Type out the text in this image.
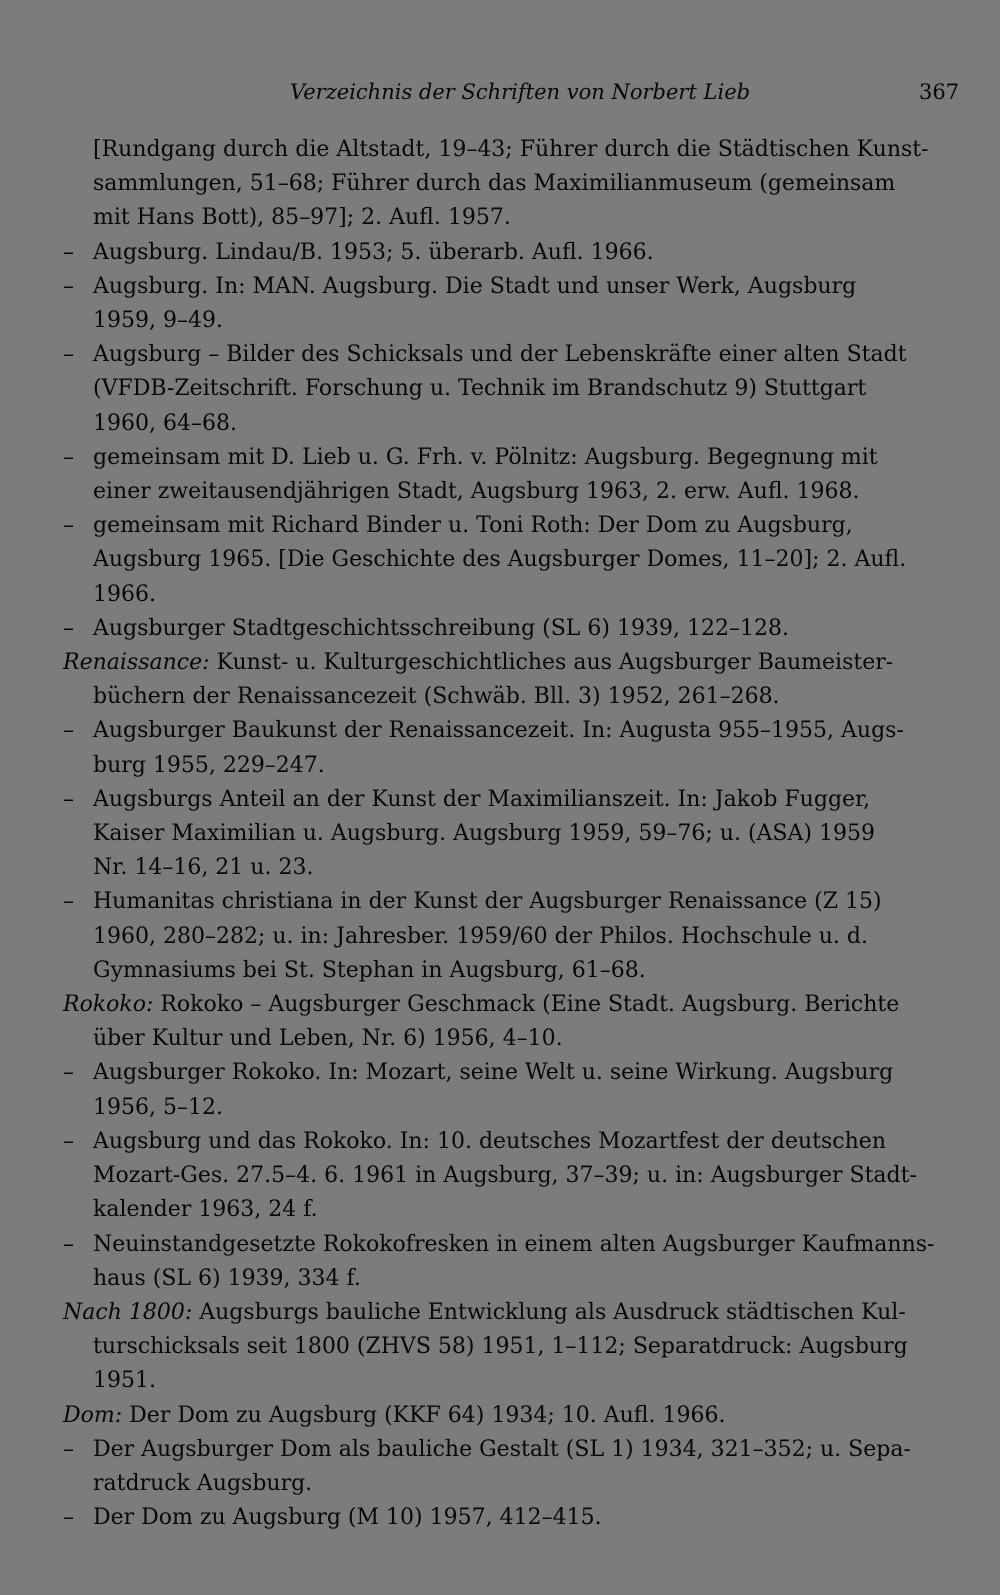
Verzeichnis der Schriften von Norbert Lieb	367
[Rundgang durch die Altstadt, 19–43; Führer durch die Städtischen Kunst-
sammlungen, 51–68; Führer durch das Maximilianmuseum (gemeinsam
mit Hans Bott), 85–97]; 2. Aufl. 1957.
– Augsburg. Lindau/B. 1953; 5. überarb. Aufl. 1966.
– Augsburg. In: MAN. Augsburg. Die Stadt und unser Werk, Augsburg
1959, 9–49.
– Augsburg – Bilder des Schicksals und der Lebenskräfte einer alten Stadt
(VFDB-Zeitschrift. Forschung u. Technik im Brandschutz 9) Stuttgart
1960, 64–68.
– gemeinsam mit D. Lieb u. G. Frh. v. Pölnitz: Augsburg. Begegnung mit
einer zweitausendjährigen Stadt, Augsburg 1963, 2. erw. Aufl. 1968.
– gemeinsam mit Richard Binder u. Toni Roth: Der Dom zu Augsburg,
Augsburg 1965. [Die Geschichte des Augsburger Domes, 11–20]; 2. Aufl.
1966.
– Augsburger Stadtgeschichtsschreibung (SL 6) 1939, 122–128.
Renaissance: Kunst- u. Kulturgeschichtliches aus Augsburger Baumeister-
büchern der Renaissancezeit (Schwäb. Bll. 3) 1952, 261–268.
– Augsburger Baukunst der Renaissancezeit. In: Augusta 955–1955, Augs-
burg 1955, 229–247.
– Augsburgs Anteil an der Kunst der Maximilianszeit. In: Jakob Fugger,
Kaiser Maximilian u. Augsburg. Augsburg 1959, 59–76; u. (ASA) 1959
Nr. 14–16, 21 u. 23.
– Humanitas christiana in der Kunst der Augsburger Renaissance (Z 15)
1960, 280–282; u. in: Jahresber. 1959/60 der Philos. Hochschule u. d.
Gymnasiums bei St. Stephan in Augsburg, 61–68.
Rokoko: Rokoko – Augsburger Geschmack (Eine Stadt. Augsburg. Berichte
über Kultur und Leben, Nr. 6) 1956, 4–10.
– Augsburger Rokoko. In: Mozart, seine Welt u. seine Wirkung. Augsburg
1956, 5–12.
– Augsburg und das Rokoko. In: 10. deutsches Mozartfest der deutschen
Mozart-Ges. 27.5–4. 6. 1961 in Augsburg, 37–39; u. in: Augsburger Stadt-
kalender 1963, 24 f.
– Neuinstandgesetzte Rokokofresken in einem alten Augsburger Kaufmanns-
haus (SL 6) 1939, 334 f.
Nach 1800: Augsburgs bauliche Entwicklung als Ausdruck städtischen Kul-
turschicksals seit 1800 (ZHVS 58) 1951, 1–112; Separatdruck: Augsburg
1951.
Dom: Der Dom zu Augsburg (KKF 64) 1934; 10. Aufl. 1966.
– Der Augsburger Dom als bauliche Gestalt (SL 1) 1934, 321–352; u. Sepa-
ratdruck Augsburg.
– Der Dom zu Augsburg (M 10) 1957, 412–415.
